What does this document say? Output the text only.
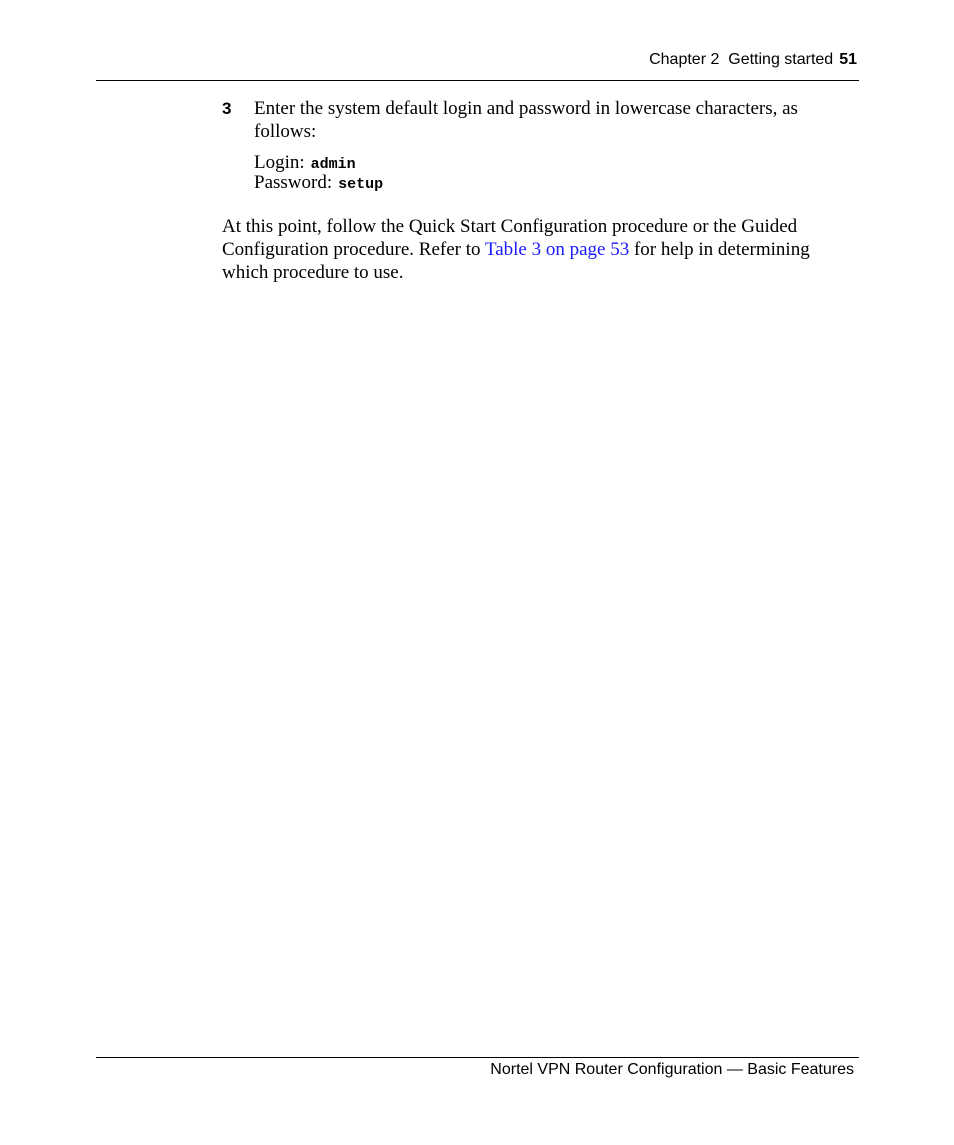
Chapter 2  Getting started 51
3 Enter the system default login and password in lowercase characters, as follows:
Login: admin
Password: setup
At this point, follow the Quick Start Configuration procedure or the Guided Configuration procedure. Refer to Table 3 on page 53 for help in determining which procedure to use.
Nortel VPN Router Configuration — Basic Features
